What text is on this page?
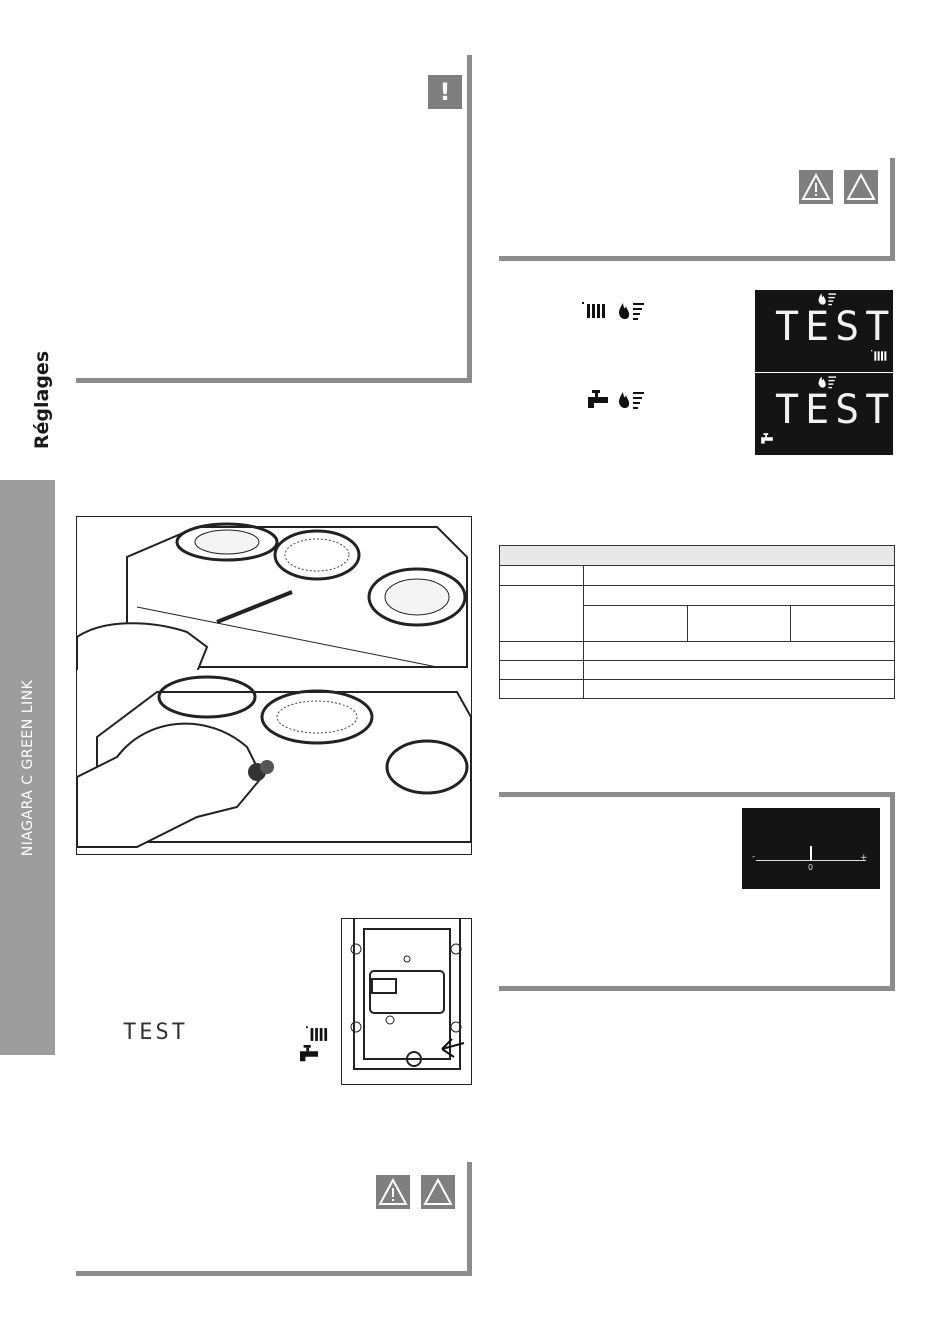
Réglages
NIAGARA C GREEN LINK
!
TEST
TEST
TEST

-	+
0
